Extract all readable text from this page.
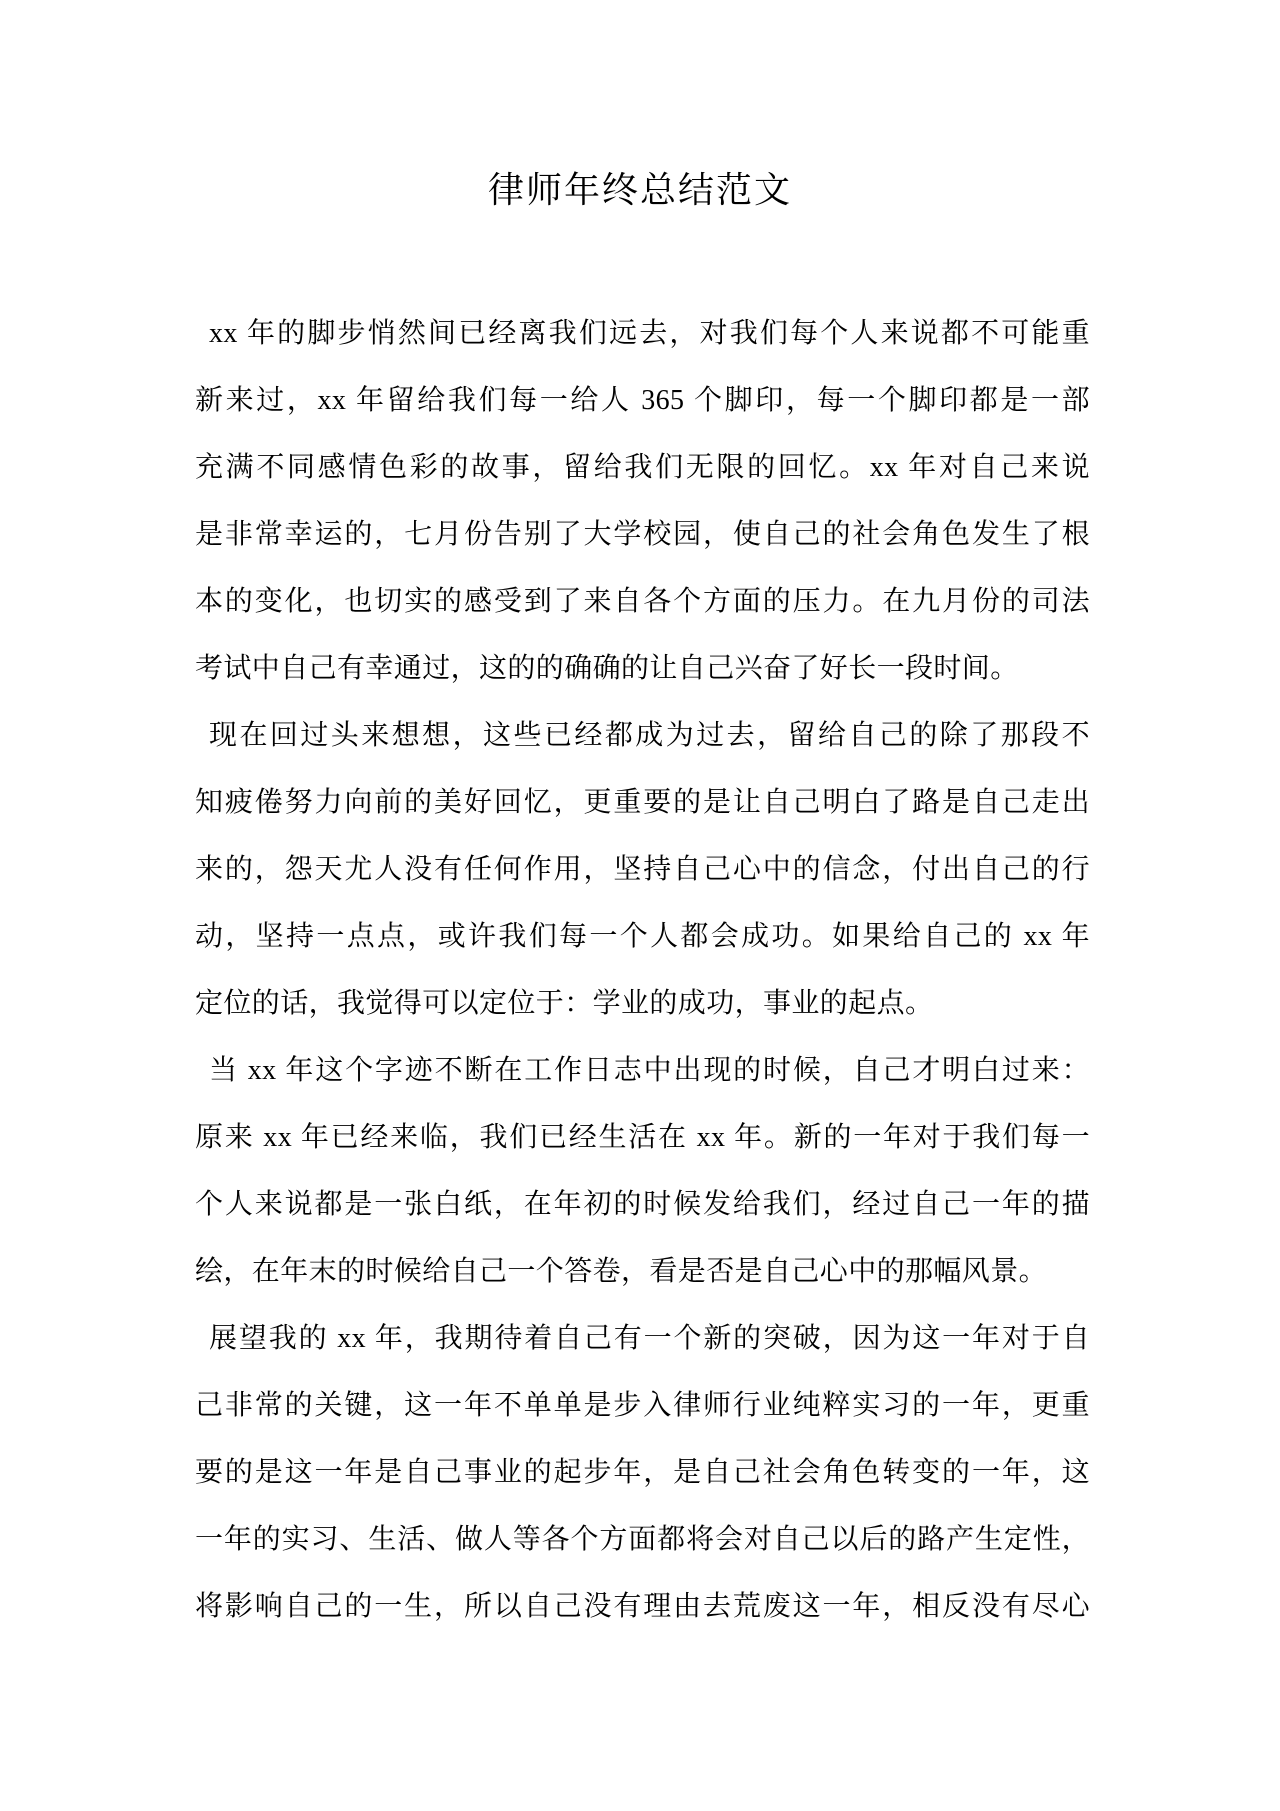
律师年终总结范文
xx 年的脚步悄然间已经离我们远去，对我们每个人来说都不可能重
新来过，xx 年留给我们每一给人 365 个脚印，每一个脚印都是一部
充满不同感情色彩的故事，留给我们无限的回忆。xx 年对自己来说
是非常幸运的，七月份告别了大学校园，使自己的社会角色发生了根
本的变化，也切实的感受到了来自各个方面的压力。在九月份的司法
考试中自己有幸通过，这的的确确的让自己兴奋了好长一段时间。
现在回过头来想想，这些已经都成为过去，留给自己的除了那段不
知疲倦努力向前的美好回忆，更重要的是让自己明白了路是自己走出
来的，怨天尤人没有任何作用，坚持自己心中的信念，付出自己的行
动，坚持一点点，或许我们每一个人都会成功。如果给自己的 xx 年
定位的话，我觉得可以定位于：学业的成功，事业的起点。
当 xx 年这个字迹不断在工作日志中出现的时候，自己才明白过来：
原来 xx 年已经来临，我们已经生活在 xx 年。新的一年对于我们每一
个人来说都是一张白纸，在年初的时候发给我们，经过自己一年的描
绘，在年末的时候给自己一个答卷，看是否是自己心中的那幅风景。
展望我的 xx 年，我期待着自己有一个新的突破，因为这一年对于自
己非常的关键，这一年不单单是步入律师行业纯粹实习的一年，更重
要的是这一年是自己事业的起步年，是自己社会角色转变的一年，这
一年的实习、生活、做人等各个方面都将会对自己以后的路产生定性，
将影响自己的一生，所以自己没有理由去荒废这一年，相反没有尽心
